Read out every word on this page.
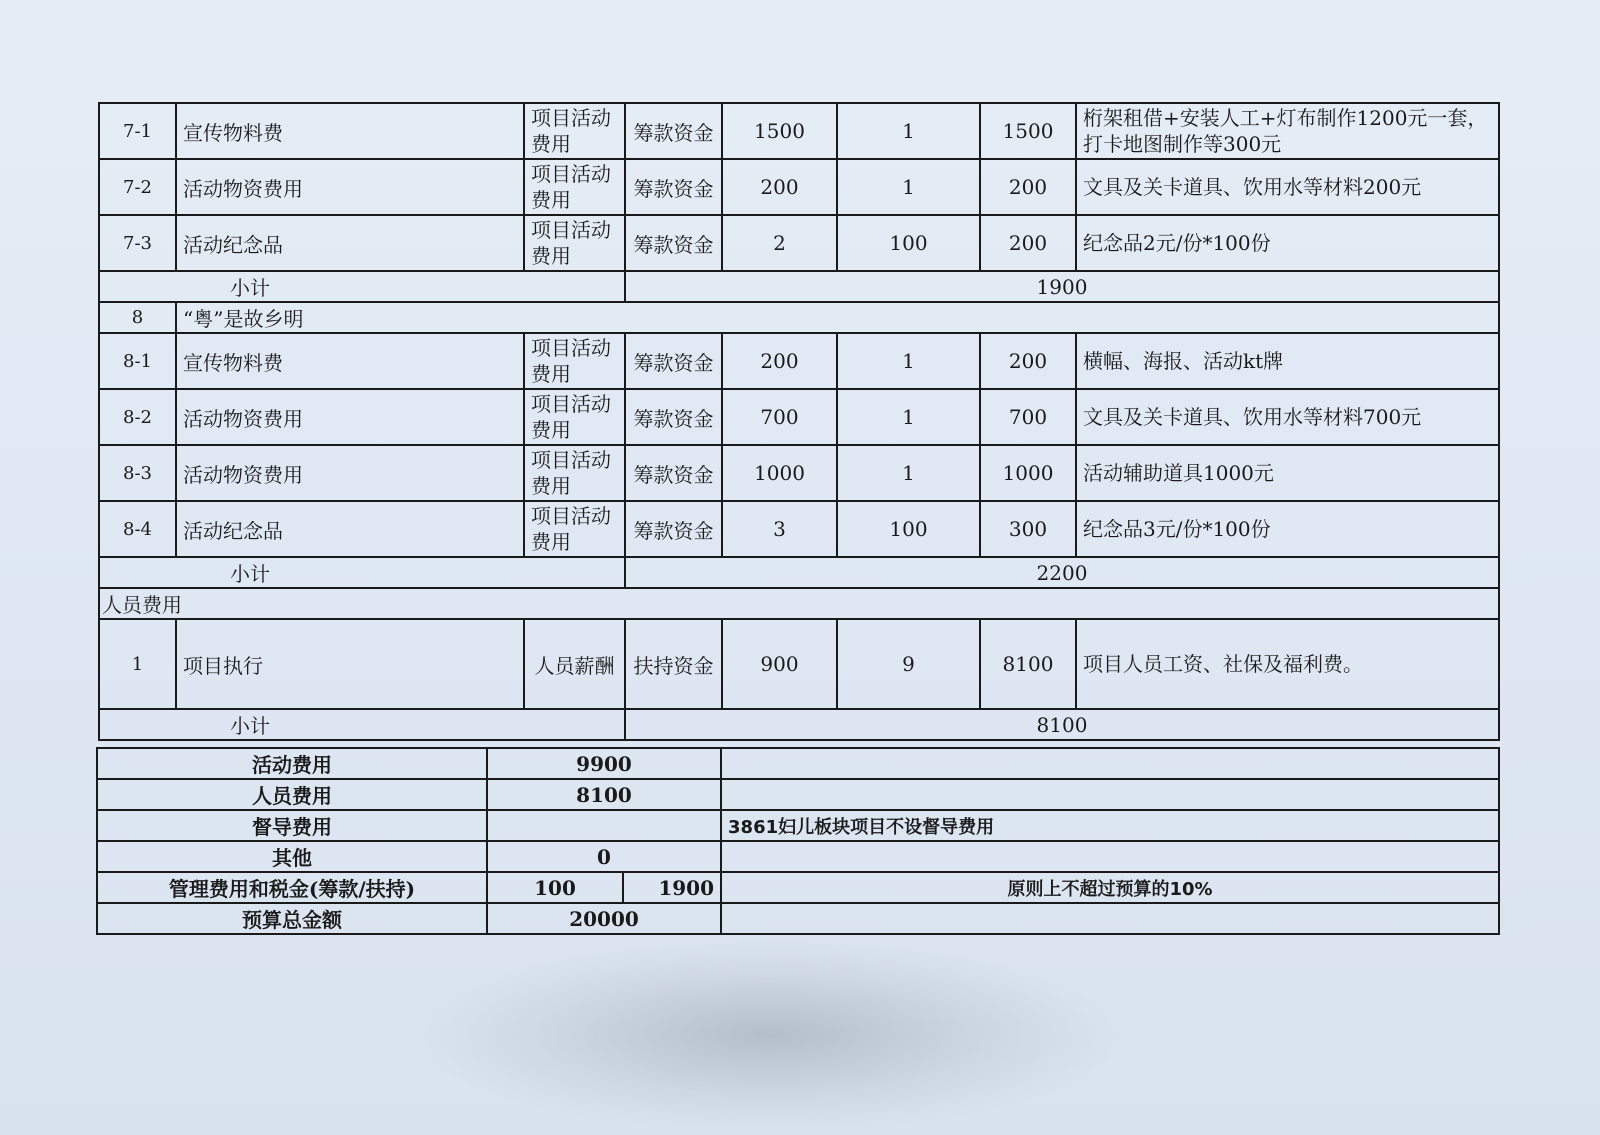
7-1	宣传物料费	项目活动费用	筹款资金	1500	1	1500	桁架租借+安装人工+灯布制作1200元一套，打卡地图制作等300元
7-2	活动物资费用	项目活动费用	筹款资金	200	1	200	文具及关卡道具、饮用水等材料200元
7-3	活动纪念品	项目活动费用	筹款资金	2	100	200	纪念品2元/份*100份
小计			1900				
8	“粤”是故乡明						
8-1	宣传物料费	项目活动费用	筹款资金	200	1	200	横幅、海报、活动kt牌
8-2	活动物资费用	项目活动费用	筹款资金	700	1	700	文具及关卡道具、饮用水等材料700元
8-3	活动物资费用	项目活动费用	筹款资金	1000	1	1000	活动辅助道具1000元
8-4	活动纪念品	项目活动费用	筹款资金	3	100	300	纪念品3元/份*100份
小计			2200				
人员费用							
1	项目执行	人员薪酬	扶持资金	900	9	8100	项目人员工资、社保及福利费。
小计			8100				
活动费用	9900		
人员费用	8100		
督导费用			3861妇儿板块项目不设督导费用
其他	0		
管理费用和税金(筹款/扶持)	100	1900	原则上不超过预算的10%
预算总金额	20000		
